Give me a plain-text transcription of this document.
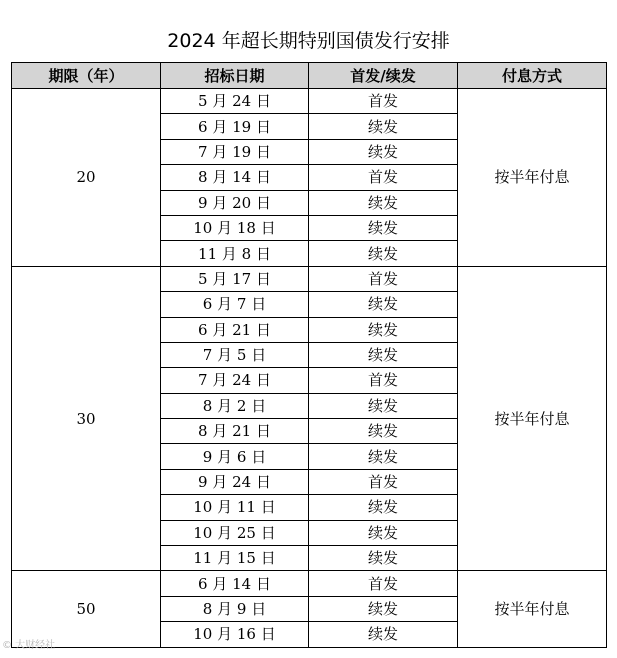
2024 年超长期特别国债发行安排
期限（年）	招标日期	首发/续发	付息方式
20	5 月 24 日	首发	按半年付息
	6 月 19 日	续发	
	7 月 19 日	续发	
	8 月 14 日	首发	
	9 月 20 日	续发	
	10 月 18 日	续发	
	11 月 8 日	续发	
30	5 月 17 日	首发	按半年付息
	6 月 7 日	续发	
	6 月 21 日	续发	
	7 月 5 日	续发	
	7 月 24 日	首发	
	8 月 2 日	续发	
	8 月 21 日	续发	
	9 月 6 日	续发	
	9 月 24 日	首发	
	10 月 11 日	续发	
	10 月 25 日	续发	
	11 月 15 日	续发	
50	6 月 14 日	首发	按半年付息
	8 月 9 日	续发	
	10 月 16 日	续发	
© 大财经社
